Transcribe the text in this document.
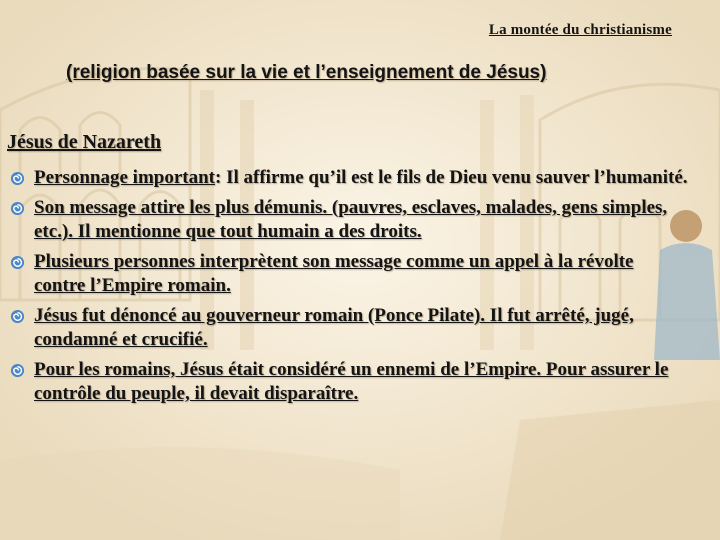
La montée du christianisme
(religion basée sur la vie et l’enseignement de Jésus)
Jésus de Nazareth
Personnage important: Il affirme qu’il est le fils de Dieu venu sauver l’humanité.
Son message attire les plus démunis. (pauvres, esclaves, malades, gens simples, etc.). Il mentionne que tout humain a des droits.
Plusieurs personnes interprètent son message comme un appel à la révolte contre l’Empire romain.
Jésus fut dénoncé au gouverneur romain (Ponce Pilate). Il fut arrêté, jugé, condamné et crucifié.
Pour les romains, Jésus était considéré un ennemi de l’Empire. Pour assurer le contrôle du peuple, il devait disparaître.
